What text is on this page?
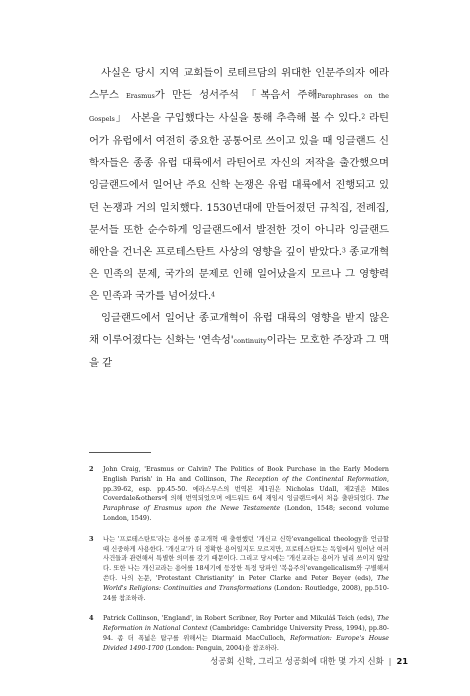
사실은 당시 지역 교회들이 로테르담의 위대한 인문주의자 에라스무스 Erasmus가 만든 성서주석 「복음서 주해Paraphrases on the Gospels」 사본을 구입했다는 사실을 통해 추측해 볼 수 있다.$^2$ 라틴어가 유럽에서 여전히 중요한 공통어로 쓰이고 있을 때 잉글랜드 신학자들은 종종 유럽 대륙에서 라틴어로 자신의 저작을 출간했으며 잉글랜드에서 일어난 주요 신학 논쟁은 유럽 대륙에서 진행되고 있던 논쟁과 거의 일치했다. 1530년대에 만들어졌던 규칙집, 전례집, 문서들 또한 순수하게 잉글랜드에서 발전한 것이 아니라 잉글랜드 해안을 건너온 프로테스탄트 사상의 영향을 깊이 받았다.$^3$ 종교개혁은 민족의 문제, 국가의 문제로 인해 일어났을지 모르나 그 영향력은 민족과 국가를 넘어섰다.$^4$

잉글랜드에서 일어난 종교개혁이 유럽 대륙의 영향을 받지 않은 채 이루어졌다는 신화는 '연속성'continuity이라는 모호한 주장과 그 맥을 같

2	John Craig, 'Erasmus or Calvin? The Politics of Book Purchase in the Early Modern English Parish' in Ha and Collinson, The Reception of the Continental Reformation, pp.39-62, esp. pp.45-50. 에라스무스의 번역본 제1권은 Nicholas Udall, 제2권은 Miles Coverdale&others에 의해 번역되었으며 에드워드 6세 재임시 잉글랜드에서 처음 출판되었다. The Paraphrase of Erasmus upon the Newe Testamente (London, 1548; second volume London, 1549).
3	나는 '프로테스탄트'라는 용어를 종교개혁 때 출현했던 '개신교 신학'evangelical theology을 언급할 때 신중하게 사용한다. '개신교'가 더 정확한 용어일지도 모르지만, 프로테스탄트는 독일에서 일어난 여러 사건들과 관련해서 특별한 의미를 갖기 때문이다. 그리고 당시에는 '개신교라는 용어가 널리 쓰이지 않았다. 또한 나는 개신교라는 용어를 18세기에 등장한 특정 당파인 '복음주의'evangelicalism와 구별해서 쓴다. 나의 논문, 'Protestant Christianity' in Peter Clarke and Peter Beyer (eds), The World's Religions: Continuities and Transformations (London: Routledge, 2008), pp.510-24를 참조하라.
4	Patrick Collinson, 'England', in Robert Scribner, Roy Porter and Mikuláš Teich (eds), The Reformation in National Context (Cambridge: Cambridge University Press, 1994), pp.80-94. 좀 더 폭넓은 탐구를 위해서는 Diarmaid MacCulloch, Reformation: Europe's House Divided 1490-1700 (London: Penguin, 2004)을 참조하라.
성공회 신학, 그리고 성공회에 대한 몇 가지 신화 | 21
